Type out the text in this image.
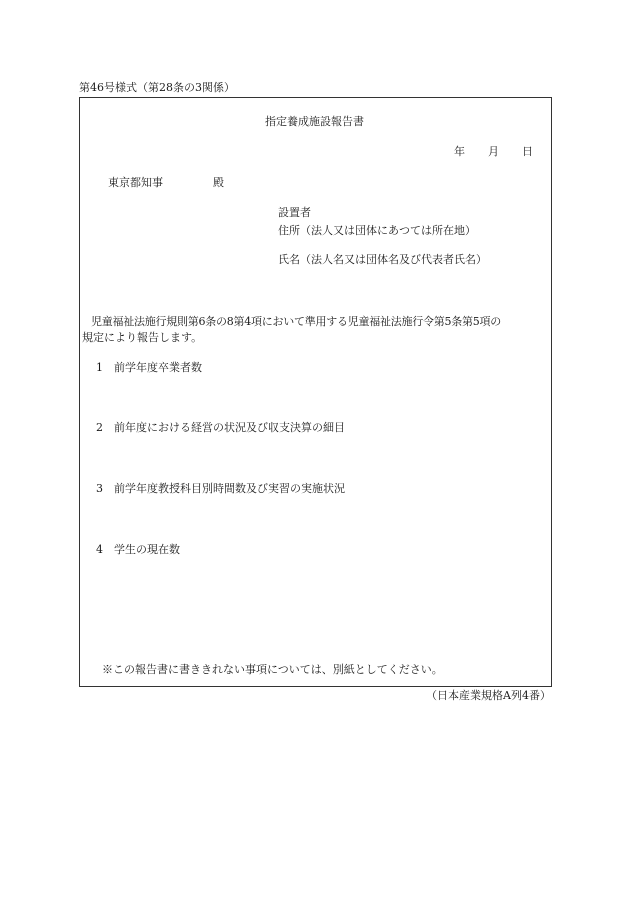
第46号様式（第28条の3関係）
指定養成施設報告書
年 月 日
東京都知事	殿
設置者
住所（法人又は団体にあつては所在地）
氏名（法人名又は団体名及び代表者氏名）
児童福祉法施行規則第6条の8第4項において準用する児童福祉法施行令第5条第5項の
規定により報告します。
1 前学年度卒業者数
2 前年度における経営の状況及び収支決算の細目
3 前学年度教授科目別時間数及び実習の実施状況
4 学生の現在数
※この報告書に書ききれない事項については、別紙としてください。
（日本産業規格A列4番）
